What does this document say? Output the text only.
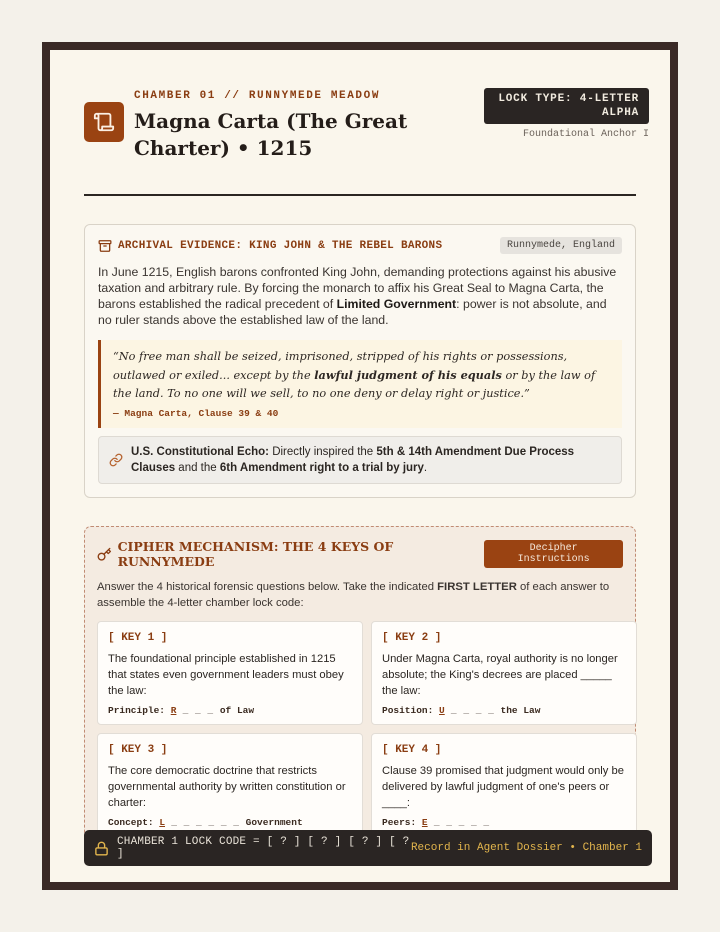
CHAMBER 01 // RUNNYMEDE MEADOW
Magna Carta (The Great Charter) • 1215
LOCK TYPE: 4-LETTER ALPHA
Foundational Anchor I
ARCHIVAL EVIDENCE: KING JOHN & THE REBEL BARONS	Runnymede, England

In June 1215, English barons confronted King John, demanding protections against his abusive taxation and arbitrary rule. By forcing the monarch to affix his Great Seal to Magna Carta, the barons established the radical precedent of Limited Government: power is not absolute, and no ruler stands above the established law of the land.

“No free man shall be seized, imprisoned, stripped of his rights or possessions, outlawed or exiled... except by the lawful judgment of his equals or by the law of the land. To no one will we sell, to no one deny or delay right or justice.”

— Magna Carta, Clause 39 & 40

U.S. Constitutional Echo: Directly inspired the 5th & 14th Amendment Due Process Clauses and the 6th Amendment right to a trial by jury.

CIPHER MECHANISM: THE 4 KEYS OF RUNNYMEDE
Decipher Instructions

Answer the 4 historical forensic questions below. Take the indicated FIRST LETTER of each answer to assemble the 4-letter chamber lock code:

[ KEY 1 ]
The foundational principle established in 1215 that states even government leaders must obey the law:
Principle: R _ _ _ of Law
[ KEY 2 ]
Under Magna Carta, royal authority is no longer absolute; the King's decrees are placed _____ the law:
Position: U _ _ _ _ the Law
[ KEY 3 ]
The core democratic doctrine that restricts governmental authority by written constitution or charter:
Concept: L _ _ _ _ _ _ Government
[ KEY 4 ]
Clause 39 promised that judgment would only be delivered by lawful judgment of one's peers or ____:
Peers: E _ _ _ _ _
CHAMBER 1 LOCK CODE = [ ? ] [ ? ] [ ? ] [ ? ]	Record in Agent Dossier • Chamber 1
